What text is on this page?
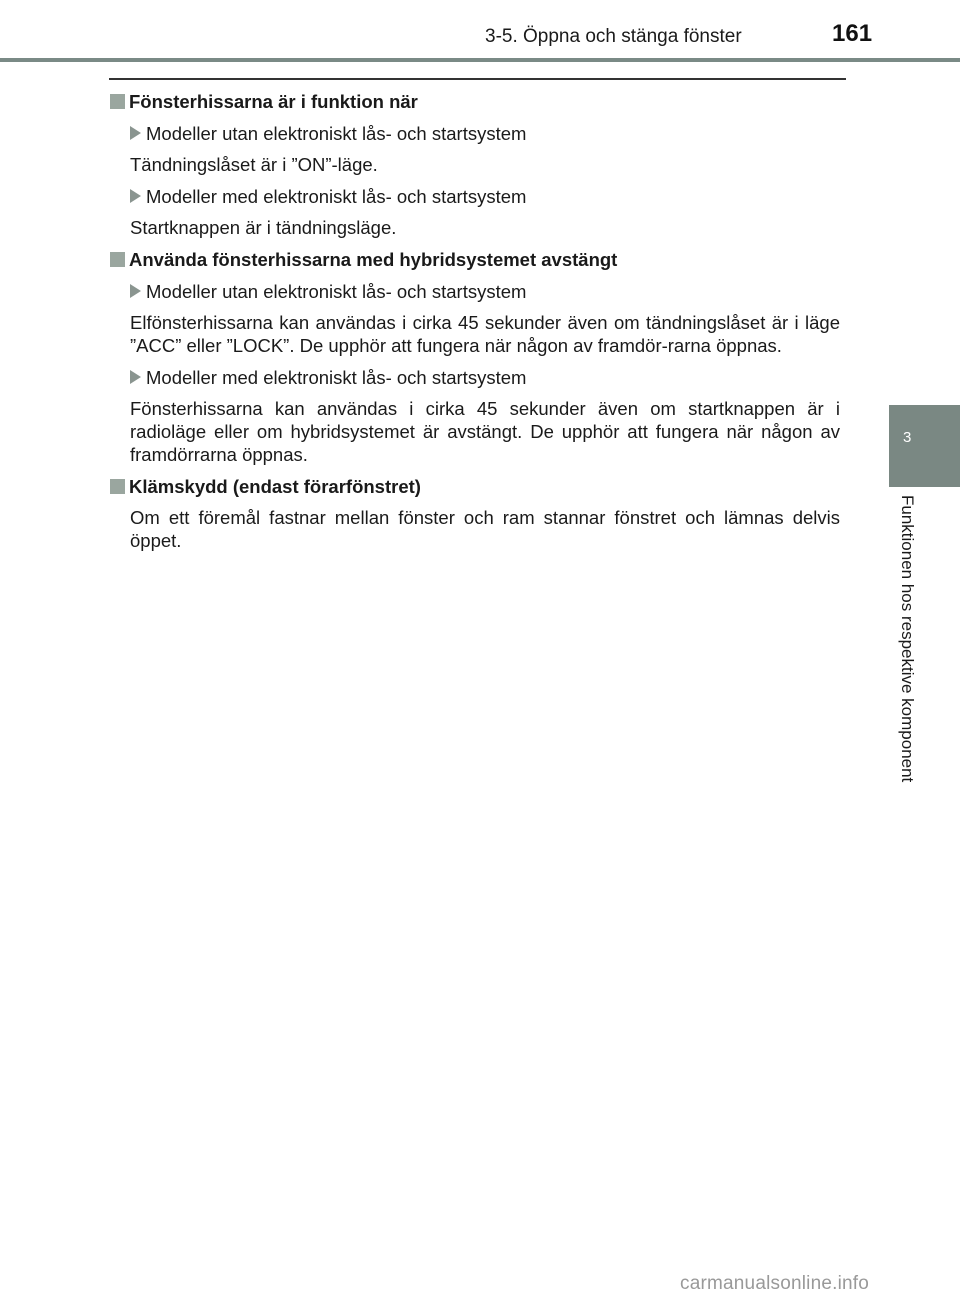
3-5. Öppna och stänga fönster	161
Fönsterhissarna är i funktion när
Modeller utan elektroniskt lås- och startsystem
Tändningslåset är i ”ON”-läge.
Modeller med elektroniskt lås- och startsystem
Startknappen är i tändningsläge.
Använda fönsterhissarna med hybridsystemet avstängt
Modeller utan elektroniskt lås- och startsystem
Elfönsterhissarna kan användas i cirka 45 sekunder även om tändningslåset är i läge ”ACC” eller ”LOCK”. De upphör att fungera när någon av framdör-rarna öppnas.
Modeller med elektroniskt lås- och startsystem
Fönsterhissarna kan användas i cirka 45 sekunder även om startknappen är i radioläge eller om hybridsystemet är avstängt. De upphör att fungera när någon av framdörrarna öppnas.
Klämskydd (endast förarfönstret)
Om ett föremål fastnar mellan fönster och ram stannar fönstret och lämnas delvis öppet.
3
Funktionen hos respektive komponent
carmanualsonline.info
